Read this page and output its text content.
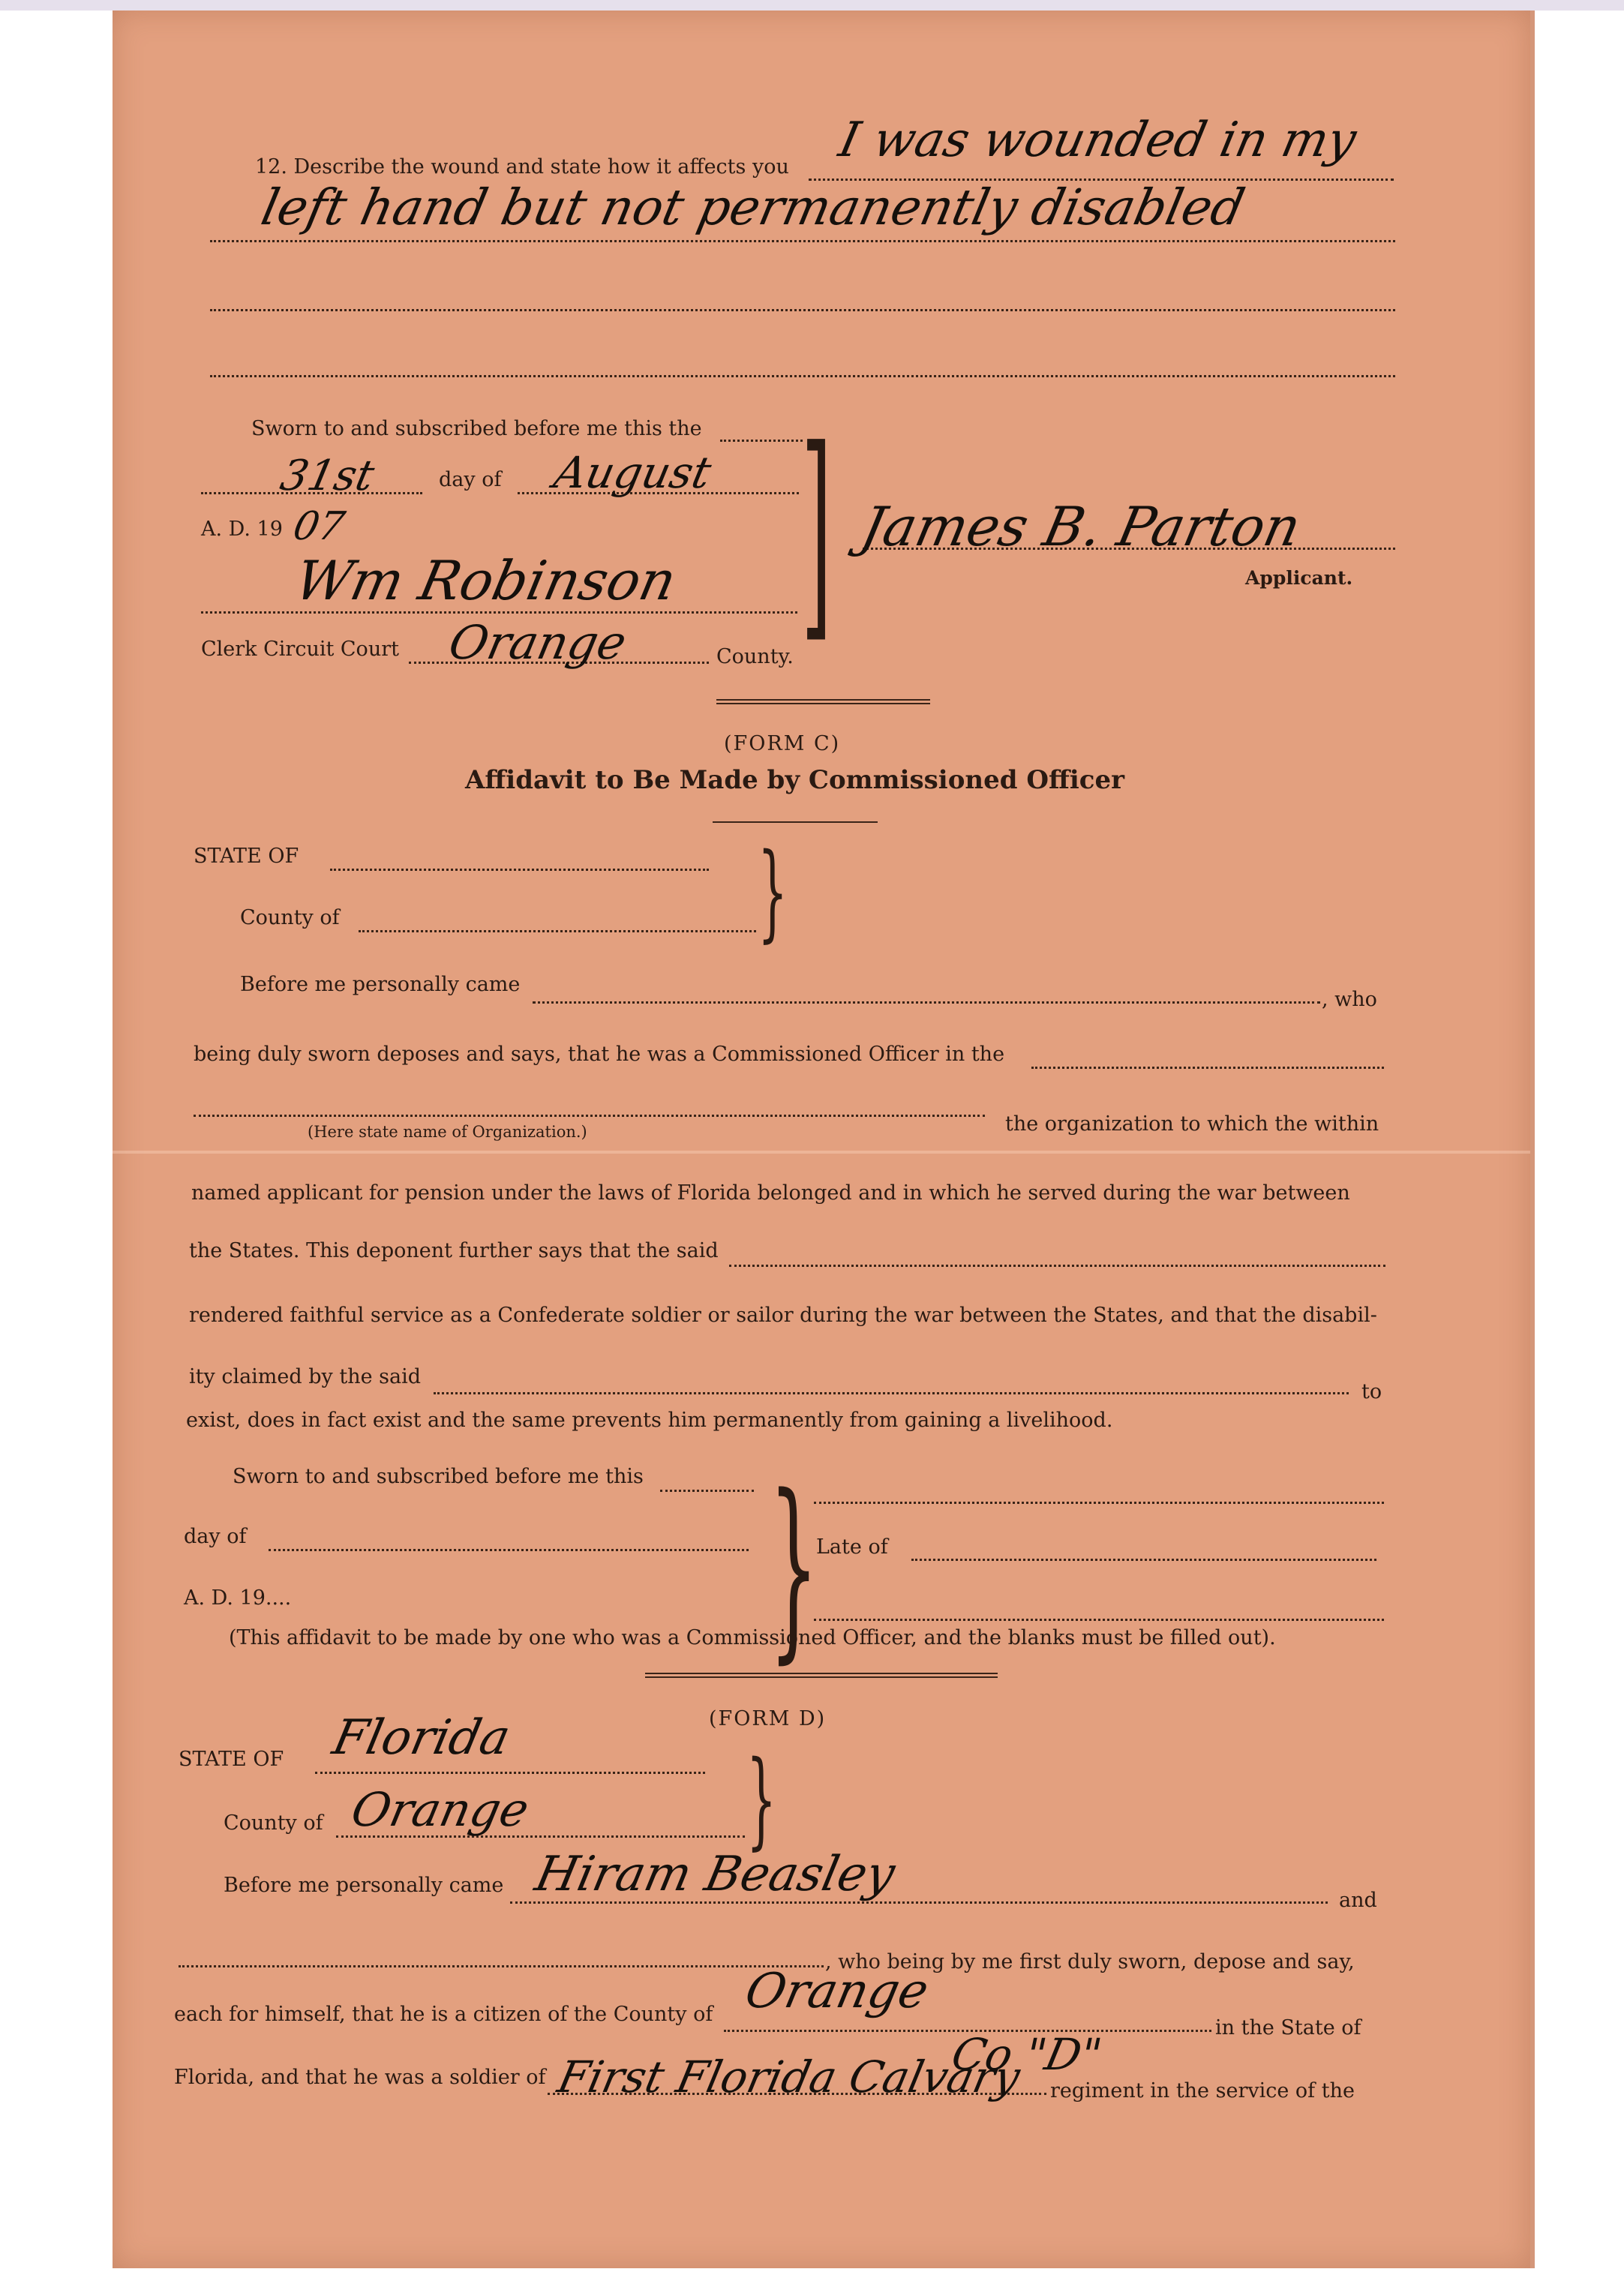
12. Describe the wound and state how it affects you I was wounded in my
left hand but not permanently disabled
Sworn to and subscribed before me this the
31st	day of August
A. D. 19 07
Wm Robinson
Clerk Circuit Court Orange	County. ] James B. Parton
Applicant.
(FORM C)
Affidavit to Be Made by Commissioned Officer
STATE OF
County of	}
Before me personally came
, who
being duly sworn deposes and says, that he was a Commissioned Officer in the
(Here state name of Organization.)	the organization to which the within
named applicant for pension under the laws of Florida belonged and in which he served during the war between
the States. This deponent further says that the said
rendered faithful service as a Confederate soldier or sailor during the war between the States, and that the disabil-
ity claimed by the said
to
exist, does in fact exist and the same prevents him permanently from gaining a livelihood.
Sworn to and subscribed before me this
day of
A. D. 19.... }
Late of
(This affidavit to be made by one who was a Commissioned Officer, and the blanks must be filled out).
(FORM D)
STATE OF Florida
County of Orange }
Before me personally came Hiram Beasley	and
, who being by me first duly sworn, depose and say,
each for himself, that he is a citizen of the County of Orange
in the State of
Florida, and that he was a soldier of First Florida Calvary
Co "D"
regiment in the service of the
